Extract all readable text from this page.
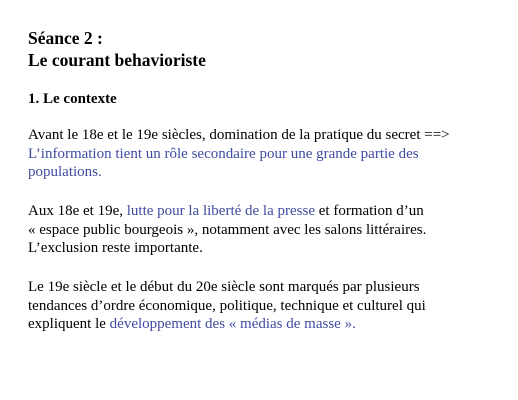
Séance 2 :
Le courant behavioriste
1. Le contexte
Avant le 18e et le 19e siècles, domination de la pratique du secret ==>
L’information tient un rôle secondaire pour une grande partie des
populations.
Aux 18e et 19e, lutte pour la liberté de la presse et formation d’un
« espace public bourgeois », notamment avec les salons littéraires.
L’exclusion reste importante.
Le 19e siècle et le début du 20e siècle sont marqués par plusieurs
tendances d’ordre économique, politique, technique et culturel qui
expliquent le développement des « médias de masse ».
